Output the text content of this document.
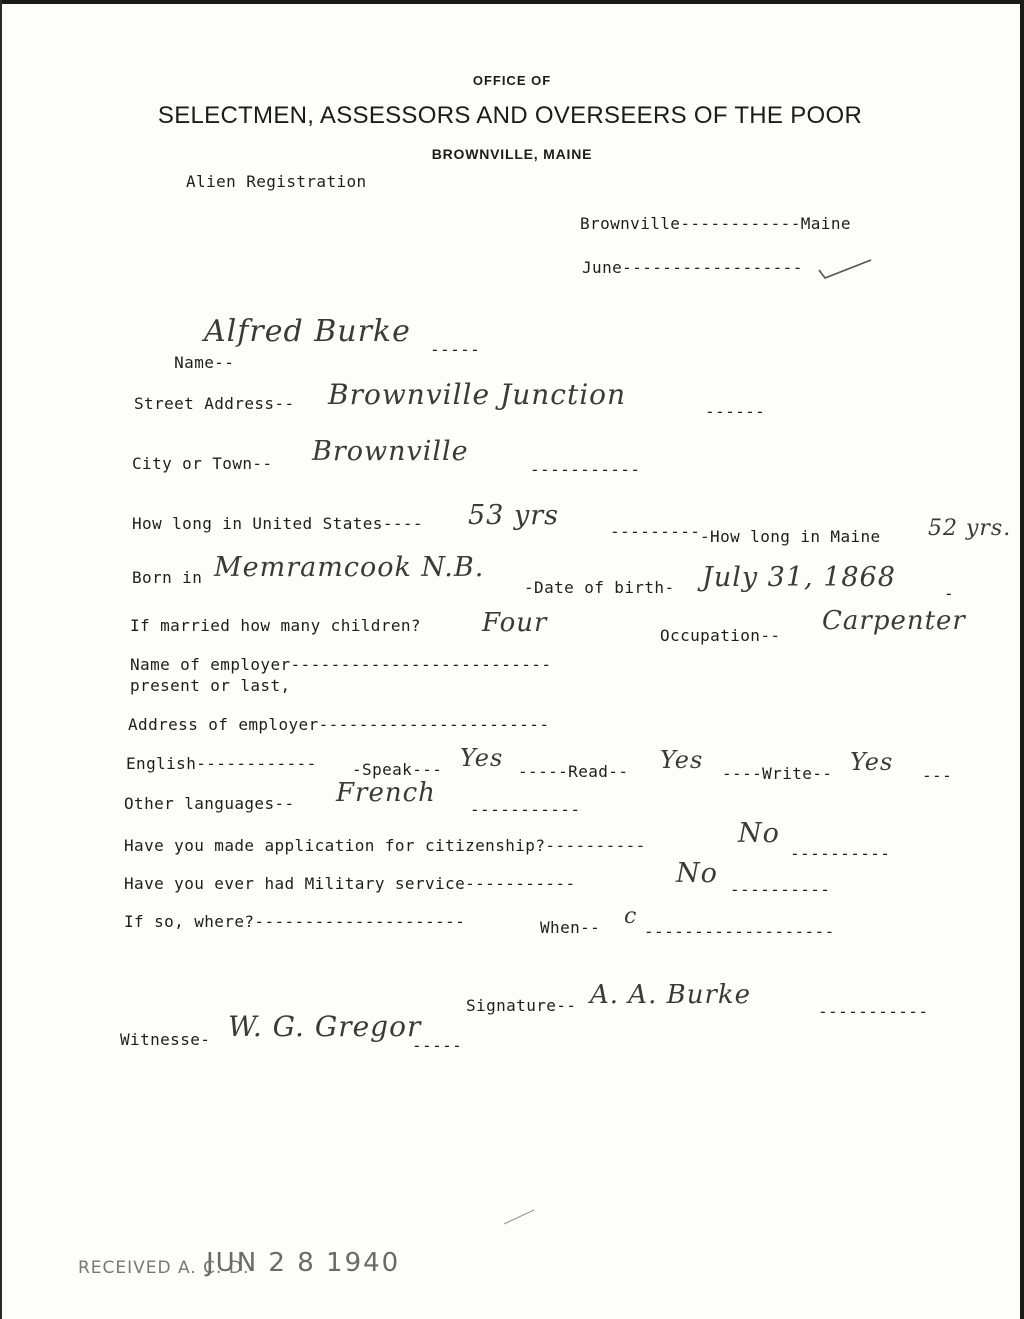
OFFICE OF
SELECTMEN, ASSESSORS AND OVERSEERS OF THE POOR
BROWNVILLE, MAINE
Alien Registration
Brownville------------Maine
June------------------

Name--

Alfred Burke
-----
Street Address-- Brownville Junction
------
City or Town-- Brownville
-----------
How long in United States---- 53 yrs
--------- -How long in Maine 52 yrs.
Born in Memramcook N.B.
-Date of birth- July 31, 1868
-
If married how many children? Four	Occupation-- Carpenter
Name of employer--------------------------
present or last,
Address of employer-----------------------
English------------ -Speak--- Yes -----Read-- Yes ----Write-- Yes ---
Other languages-- French
-----------
Have you made application for citizenship?----------	No
----------
Have you ever had Military service-----------	No
----------
If so, where?---------------------	When-- c
-------------------
Signature-- A. A. Burke
-----------
Witnesse- W. G. Gregor
-----
RECEIVED A. C. D.
JUN 2 8 1940
